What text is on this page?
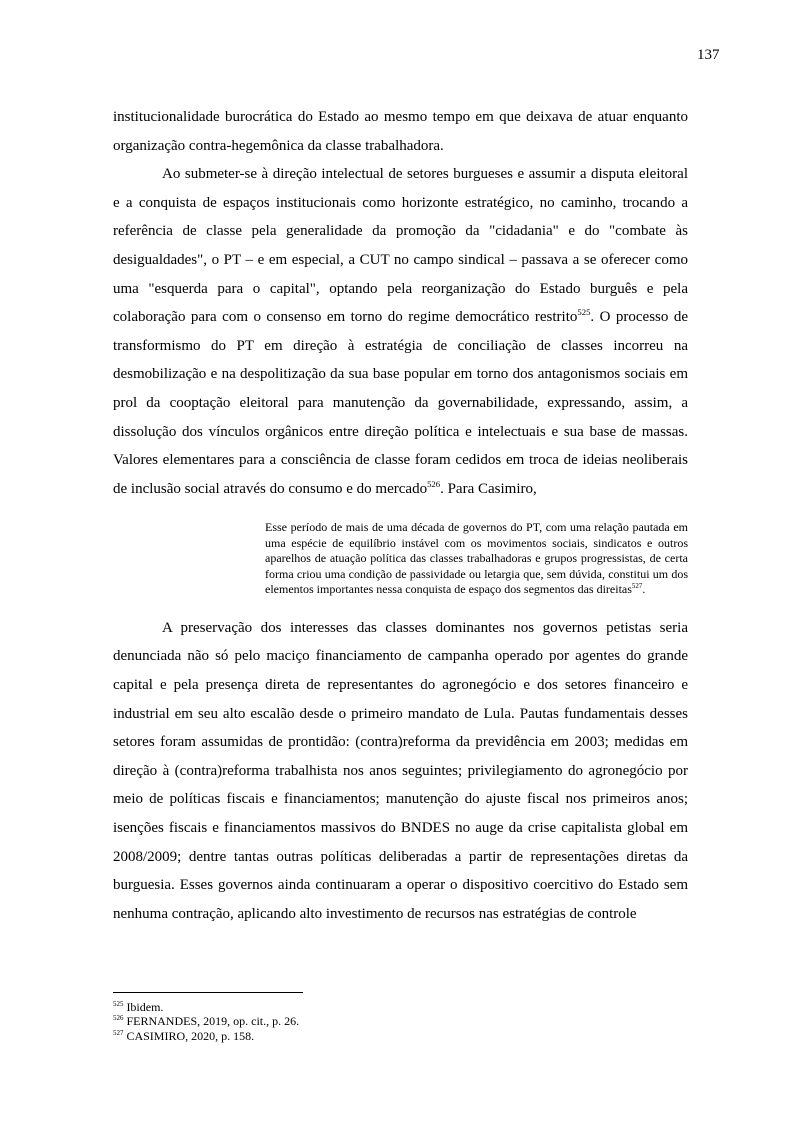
137

institucionalidade burocrática do Estado ao mesmo tempo em que deixava de atuar enquanto organização contra-hegemônica da classe trabalhadora.

Ao submeter-se à direção intelectual de setores burgueses e assumir a disputa eleitoral e a conquista de espaços institucionais como horizonte estratégico, no caminho, trocando a referência de classe pela generalidade da promoção da "cidadania" e do "combate às desigualdades", o PT – e em especial, a CUT no campo sindical – passava a se oferecer como uma "esquerda para o capital", optando pela reorganização do Estado burguês e pela colaboração para com o consenso em torno do regime democrático restrito$^{525}$. O processo de transformismo do PT em direção à estratégia de conciliação de classes incorreu na desmobilização e na despolitização da sua base popular em torno dos antagonismos sociais em prol da cooptação eleitoral para manutenção da governabilidade, expressando, assim, a dissolução dos vínculos orgânicos entre direção política e intelectuais e sua base de massas. Valores elementares para a consciência de classe foram cedidos em troca de ideias neoliberais de inclusão social através do consumo e do mercado$^{526}$. Para Casimiro,

Esse período de mais de uma década de governos do PT, com uma relação pautada em uma espécie de equilíbrio instável com os movimentos sociais, sindicatos e outros aparelhos de atuação política das classes trabalhadoras e grupos progressistas, de certa forma criou uma condição de passividade ou letargia que, sem dúvida, constitui um dos elementos importantes nessa conquista de espaço dos segmentos das direitas$^{527}$.

A preservação dos interesses das classes dominantes nos governos petistas seria denunciada não só pelo maciço financiamento de campanha operado por agentes do grande capital e pela presença direta de representantes do agronegócio e dos setores financeiro e industrial em seu alto escalão desde o primeiro mandato de Lula. Pautas fundamentais desses setores foram assumidas de prontidão: (contra)reforma da previdência em 2003; medidas em direção à (contra)reforma trabalhista nos anos seguintes; privilegiamento do agronegócio por meio de políticas fiscais e financiamentos; manutenção do ajuste fiscal nos primeiros anos; isenções fiscais e financiamentos massivos do BNDES no auge da crise capitalista global em 2008/2009; dentre tantas outras políticas deliberadas a partir de representações diretas da burguesia. Esses governos ainda continuaram a operar o dispositivo coercitivo do Estado sem nenhuma contração, aplicando alto investimento de recursos nas estratégias de controle

$^{525}$ Ibidem.
$^{526}$ FERNANDES, 2019, op. cit., p. 26.
$^{527}$ CASIMIRO, 2020, p. 158.
